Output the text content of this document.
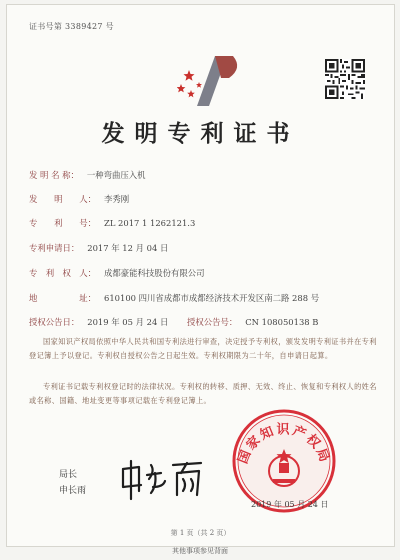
证书号第 3389427 号
发明专利证书
发 明 名 称： 一种弯曲压入机
发　　明　　人： 李秀刚
专　　利　　号： ZL 2017 1 1262121.3
专利申请日： 2017 年 12 月 04 日
专　利　权　人： 成都豪能科技股份有限公司
地　　　　　址： 610100 四川省成都市成都经济技术开发区南二路 288 号
授权公告日： 2019 年 05 月 24 日 授权公告号： CN 108050138 B
国家知识产权局依照中华人民共和国专利法进行审查，决定授予专利权，颁发发明专利证书并在专利登记簿上予以登记。专利权自授权公告之日起生效。专利权期限为二十年，自申请日起算。
专利证书记载专利权登记时的法律状况。专利权的转移、质押、无效、终止、恢复和专利权人的姓名或名称、国籍、地址变更等事项记载在专利登记簿上。
局长
申长雨
国家知识产权局
2019 年 05 月 24 日
第 1 页（共 2 页）
其他事项参见背面
